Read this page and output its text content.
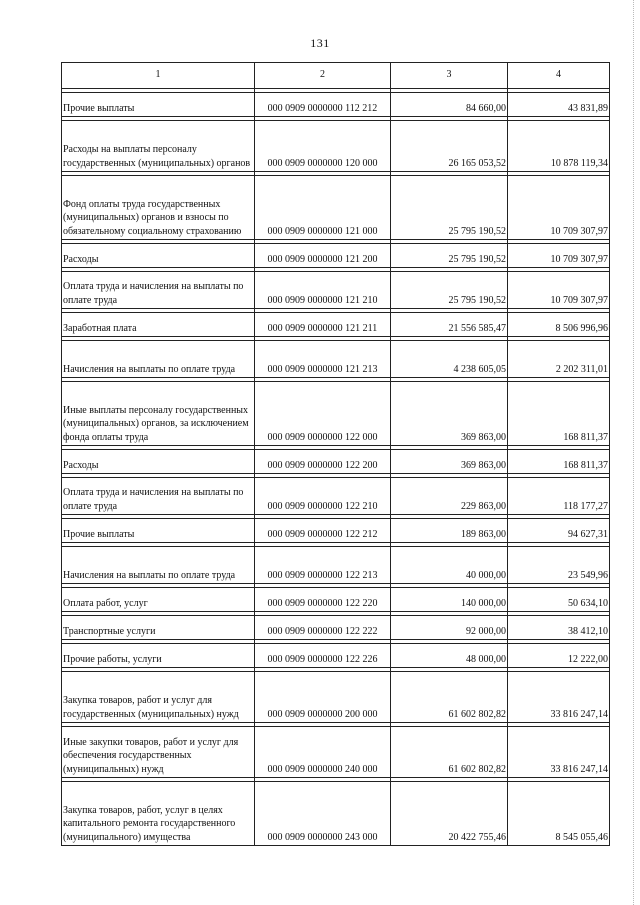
131
1	2	3	4

Прочие выплаты	000 0909 0000000 112 212	84 660,00	43 831,89

Расходы на выплаты персоналу государственных (муниципальных) органов	000 0909 0000000 120 000	26 165 053,52	10 878 119,34

Фонд оплаты труда государственных (муниципальных) органов и взносы по обязательному социальному страхованию	000 0909 0000000 121 000	25 795 190,52	10 709 307,97

Расходы	000 0909 0000000 121 200	25 795 190,52	10 709 307,97

Оплата труда и начисления на выплаты по оплате труда	000 0909 0000000 121 210	25 795 190,52	10 709 307,97

Заработная плата	000 0909 0000000 121 211	21 556 585,47	8 506 996,96

Начисления на выплаты по оплате труда	000 0909 0000000 121 213	4 238 605,05	2 202 311,01

Иные выплаты персоналу государственных (муниципальных) органов, за исключением фонда оплаты труда	000 0909 0000000 122 000	369 863,00	168 811,37

Расходы	000 0909 0000000 122 200	369 863,00	168 811,37

Оплата труда и начисления на выплаты по оплате труда	000 0909 0000000 122 210	229 863,00	118 177,27

Прочие выплаты	000 0909 0000000 122 212	189 863,00	94 627,31

Начисления на выплаты по оплате труда	000 0909 0000000 122 213	40 000,00	23 549,96

Оплата работ, услуг	000 0909 0000000 122 220	140 000,00	50 634,10

Транспортные услуги	000 0909 0000000 122 222	92 000,00	38 412,10

Прочие работы, услуги	000 0909 0000000 122 226	48 000,00	12 222,00

Закупка товаров, работ и услуг для государственных (муниципальных) нужд	000 0909 0000000 200 000	61 602 802,82	33 816 247,14

Иные закупки товаров, работ и услуг для обеспечения государственных (муниципальных) нужд	000 0909 0000000 240 000	61 602 802,82	33 816 247,14

Закупка товаров, работ, услуг в целях капитального ремонта государственного (муниципального) имущества	000 0909 0000000 243 000	20 422 755,46	8 545 055,46
